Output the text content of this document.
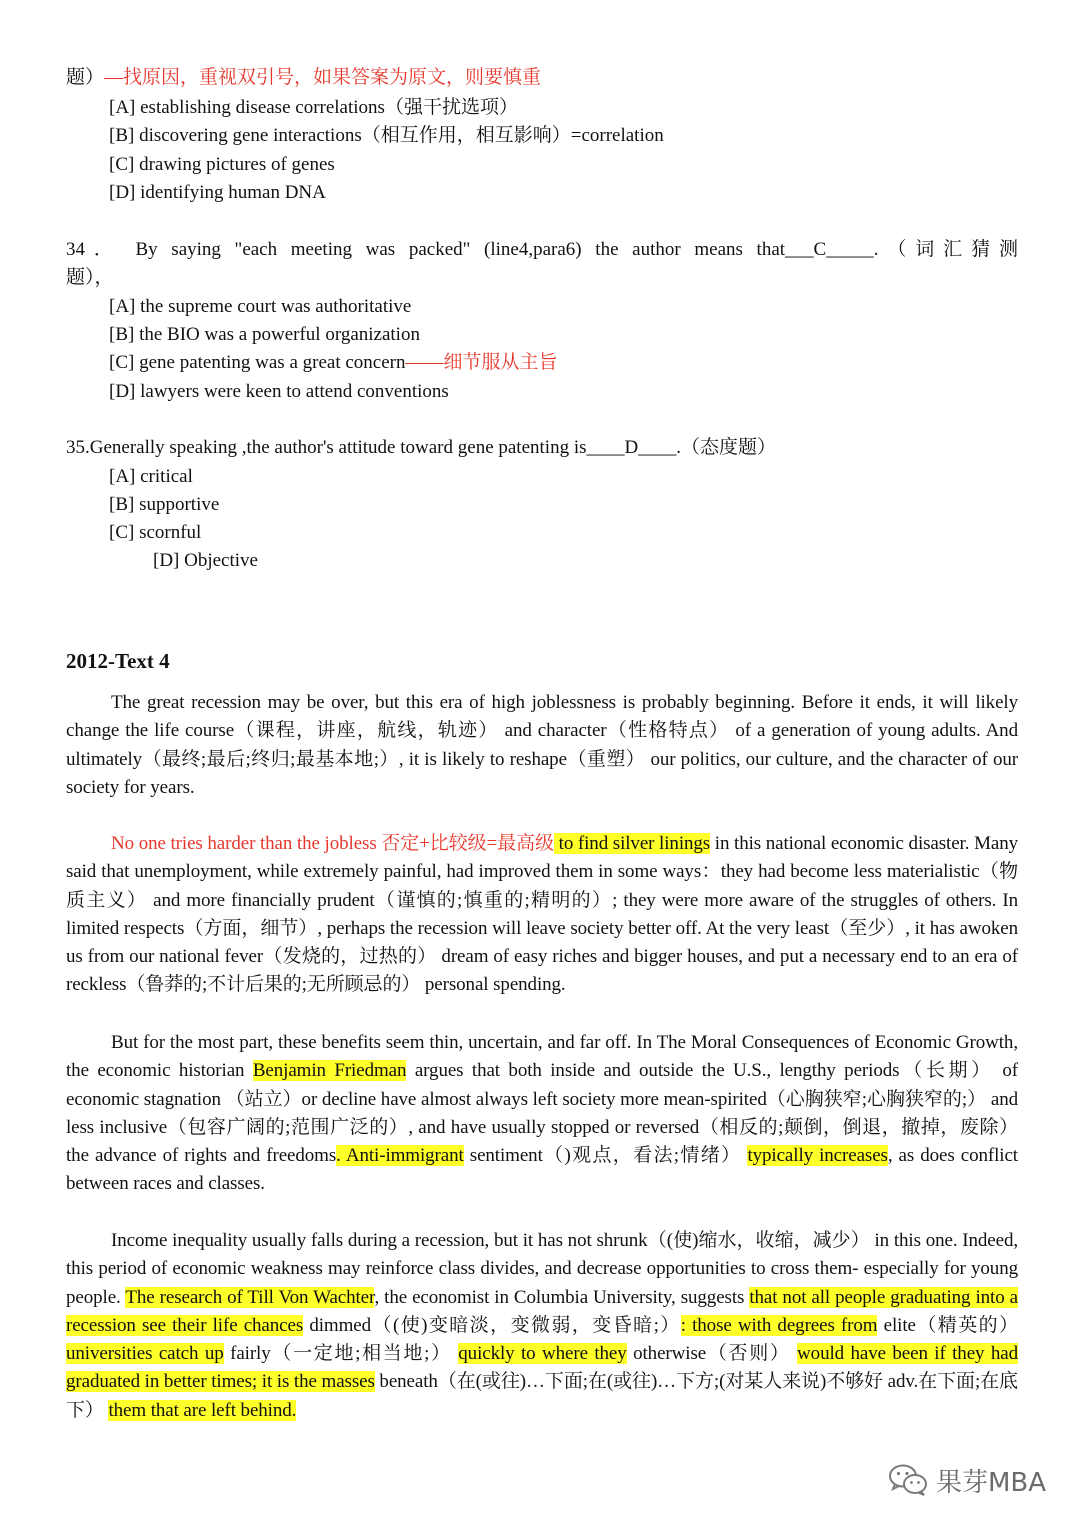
题）—找原因，重视双引号，如果答案为原文，则要慎重
[A] establishing disease correlations（强干扰选项）
[B] discovering gene interactions（相互作用，相互影响）=correlation
[C] drawing pictures of genes
[D] identifying human DNA
34． By saying "each meeting was packed" (line4,para6) the author means that___C_____.（词汇猜测
题），
[A] the supreme court was authoritative
[B] the BIO was a powerful organization
[C] gene patenting was a great concern——细节服从主旨
[D] lawyers were keen to attend conventions
35.Generally speaking ,the author's attitude toward gene patenting is____D____.（态度题）
[A] critical
[B] supportive
[C] scornful
[D] Objective
2012-Text 4

The great recession may be over, but this era of high joblessness is probably beginning. Before it ends, it will likely change the life course（课程，讲座，航线，轨迹） and character（性格特点） of a generation of young adults. And ultimately（最终;最后;终归;最基本地;）, it is likely to reshape（重塑） our politics, our culture, and the character of our society for years.

No one tries harder than the jobless 否定+比较级=最高级 to find silver linings in this national economic disaster. Many said that unemployment, while extremely painful, had improved them in some ways：they had become less materialistic（物质主义） and more financially prudent（谨慎的;慎重的;精明的）; they were more aware of the struggles of others. In limited respects（方面，细节）, perhaps the recession will leave society better off. At the very least（至少）, it has awoken us from our national fever（发烧的，过热的） dream of easy riches and bigger houses, and put a necessary end to an era of reckless（鲁莽的;不计后果的;无所顾忌的） personal spending.

But for the most part, these benefits seem thin, uncertain, and far off. In The Moral Consequences of Economic Growth, the economic historian Benjamin Friedman argues that both inside and outside the U.S., lengthy periods（长期） of economic stagnation （站立）or decline have almost always left society more mean-spirited（心胸狭窄;心胸狭窄的;） and less inclusive（包容广阔的;范围广泛的）, and have usually stopped or reversed（相反的;颠倒，倒退，撤掉，废除） the advance of rights and freedoms. Anti-immigrant sentiment（)观点，看法;情绪） typically increases, as does conflict between races and classes.

Income inequality usually falls during a recession, but it has not shrunk（(使)缩水，收缩，减少） in this one. Indeed, this period of economic weakness may reinforce class divides, and decrease opportunities to cross them- especially for young people. The research of Till Von Wachter, the economist in Columbia University, suggests that not all people graduating into a recession see their life chances dimmed（(使)变暗淡，变微弱，变昏暗;）: those with degrees from elite（精英的） universities catch up fairly（一定地;相当地;） quickly to where they otherwise（否则） would have been if they had graduated in better times; it is the masses beneath（在(或往)…下面;在(或往)…下方;(对某人来说)不够好 adv.在下面;在底下） them that are left behind.

果芽MBA
